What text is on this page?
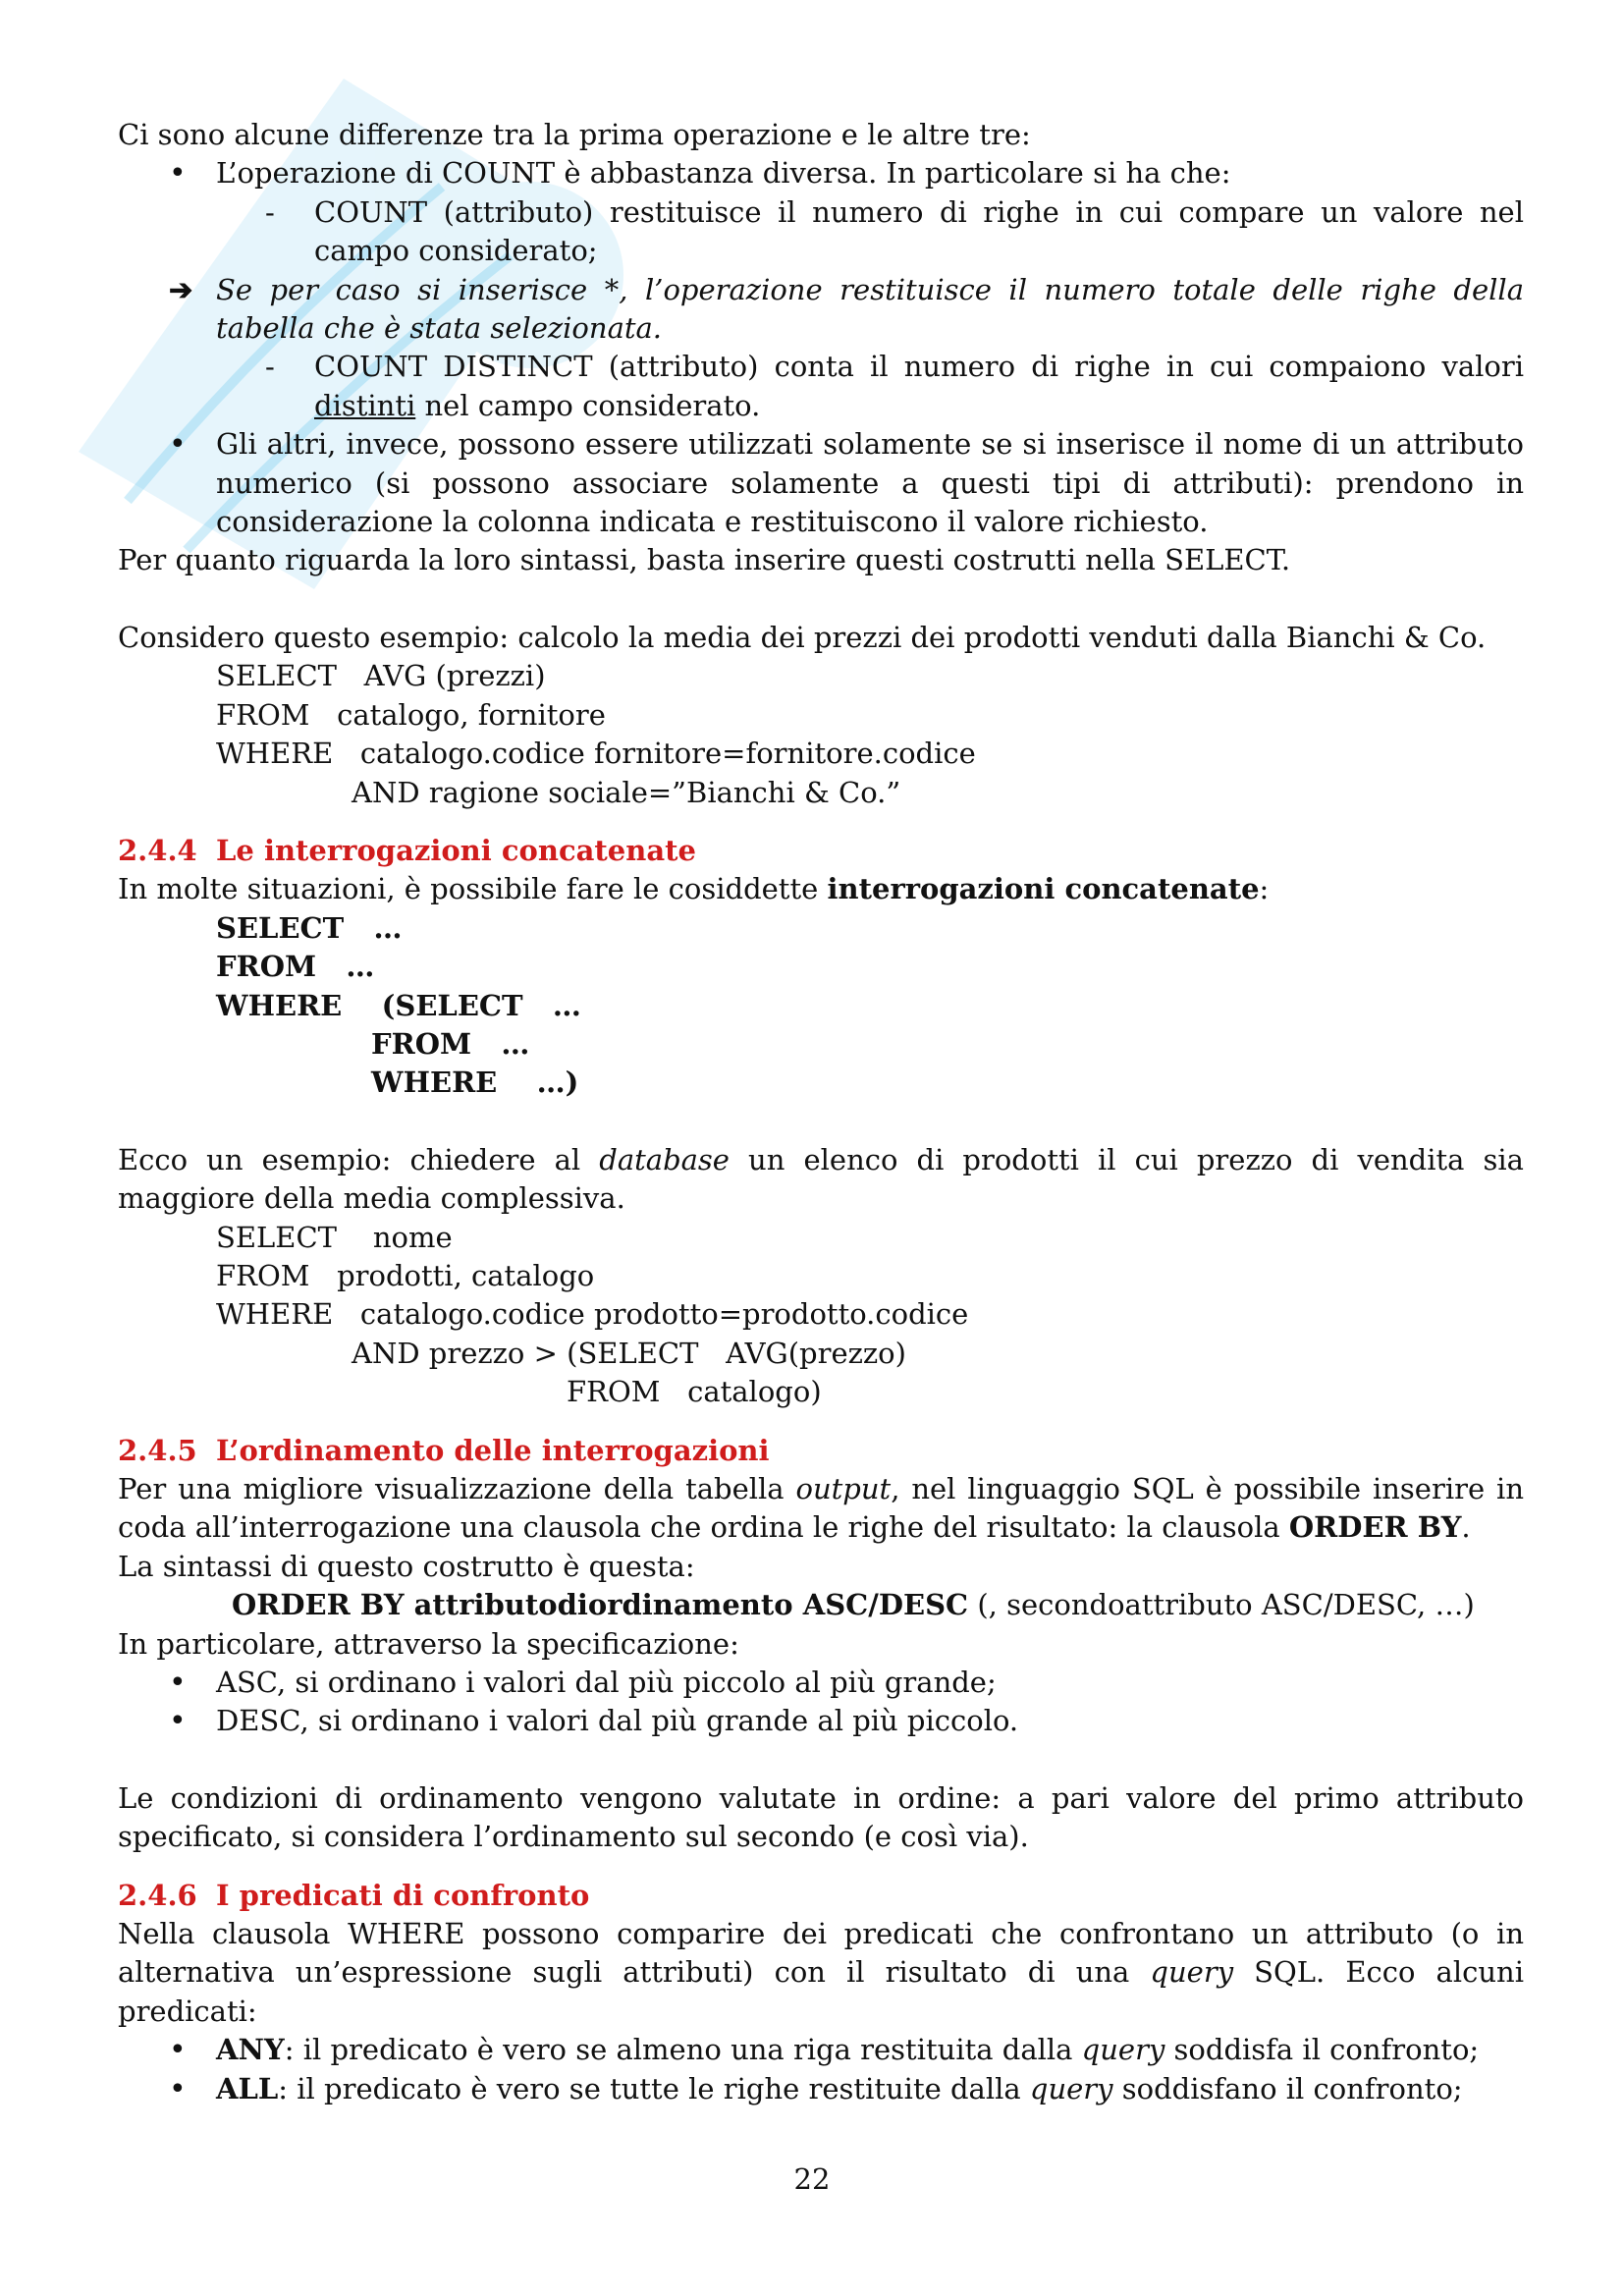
Ci sono alcune differenze tra la prima operazione e le altre tre:

• L’operazione di COUNT è abbastanza diversa. In particolare si ha che:
- COUNT (attributo) restituisce il numero di righe in cui compare un valore nel campo considerato;
➔ Se per caso si inserisce *, l’operazione restituisce il numero totale delle righe della tabella che è stata selezionata.
- COUNT DISTINCT (attributo) conta il numero di righe in cui compaiono valori distinti nel campo considerato.
• Gli altri, invece, possono essere utilizzati solamente se si inserisce il nome di un attributo numerico (si possono associare solamente a questi tipi di attributi): prendono in considerazione la colonna indicata e restituiscono il valore richiesto.

Per quanto riguarda la loro sintassi, basta inserire questi costrutti nella SELECT.

Considero questo esempio: calcolo la media dei prezzi dei prodotti venduti dalla Bianchi & Co.

SELECT   AVG (prezzi)
FROM   catalogo, fornitore
WHERE   catalogo.codice fornitore=fornitore.codice
AND ragione sociale=”Bianchi & Co.”

2.4.4 Le interrogazioni concatenate

In molte situazioni, è possibile fare le cosiddette interrogazioni concatenate:

SELECT   …
FROM   …
WHERE    (SELECT   …
FROM   …
WHERE    …)

Ecco un esempio: chiedere al database un elenco di prodotti il cui prezzo di vendita sia maggiore della media complessiva.

SELECT    nome
FROM   prodotti, catalogo
WHERE   catalogo.codice prodotto=prodotto.codice
AND prezzo > (SELECT   AVG(prezzo)
FROM   catalogo)

2.4.5 L’ordinamento delle interrogazioni

Per una migliore visualizzazione della tabella output, nel linguaggio SQL è possibile inserire in coda all’interrogazione una clausola che ordina le righe del risultato: la clausola ORDER BY.

La sintassi di questo costrutto è questa:

ORDER BY attributodiordinamento ASC/DESC (, secondoattributo ASC/DESC, …)

In particolare, attraverso la specificazione:

• ASC, si ordinano i valori dal più piccolo al più grande;
• DESC, si ordinano i valori dal più grande al più piccolo.

Le condizioni di ordinamento vengono valutate in ordine: a pari valore del primo attributo specificato, si considera l’ordinamento sul secondo (e così via).

2.4.6 I predicati di confronto

Nella clausola WHERE possono comparire dei predicati che confrontano un attributo (o in alternativa un’espressione sugli attributi) con il risultato di una query SQL. Ecco alcuni predicati:

• ANY: il predicato è vero se almeno una riga restituita dalla query soddisfa il confronto;
• ALL: il predicato è vero se tutte le righe restituite dalla query soddisfano il confronto;
22
